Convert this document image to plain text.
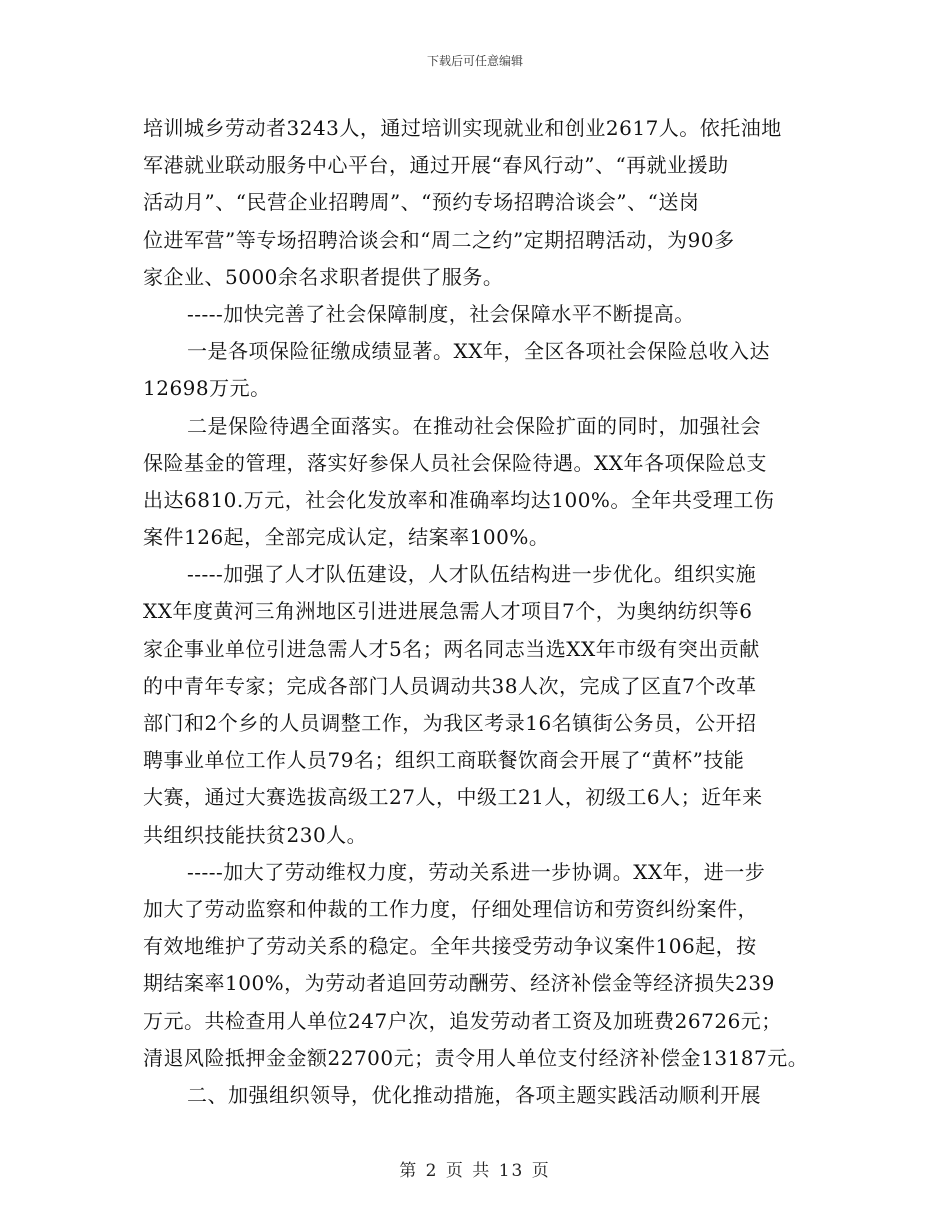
下载后可任意编辑
培训城乡劳动者3243人，通过培训实现就业和创业2617人。依托油地
军港就业联动服务中心平台，通过开展“春风行动”、“再就业援助
活动月”、“民营企业招聘周”、“预约专场招聘洽谈会”、“送岗
位进军营”等专场招聘洽谈会和“周二之约”定期招聘活动，为90多
家企业、5000余名求职者提供了服务。
-----加快完善了社会保障制度，社会保障水平不断提高。
一是各项保险征缴成绩显著。XX年，全区各项社会保险总收入达
12698万元。
二是保险待遇全面落实。在推动社会保险扩面的同时，加强社会
保险基金的管理，落实好参保人员社会保险待遇。XX年各项保险总支
出达6810.万元，社会化发放率和准确率均达100%。全年共受理工伤
案件126起，全部完成认定，结案率100%。
-----加强了人才队伍建设，人才队伍结构进一步优化。组织实施
XX年度黄河三角洲地区引进进展急需人才项目7个，为奥纳纺织等6
家企事业单位引进急需人才5名；两名同志当选XX年市级有突出贡献
的中青年专家；完成各部门人员调动共38人次，完成了区直7个改革
部门和2个乡的人员调整工作，为我区考录16名镇街公务员，公开招
聘事业单位工作人员79名；组织工商联餐饮商会开展了“黄杯”技能
大赛，通过大赛选拔高级工27人，中级工21人，初级工6人；近年来
共组织技能扶贫230人。
-----加大了劳动维权力度，劳动关系进一步协调。XX年，进一步
加大了劳动监察和仲裁的工作力度，仔细处理信访和劳资纠纷案件，
有效地维护了劳动关系的稳定。全年共接受劳动争议案件106起，按
期结案率100%，为劳动者追回劳动酬劳、经济补偿金等经济损失239
万元。共检查用人单位247户次，追发劳动者工资及加班费26726元；
清退风险抵押金金额22700元；责令用人单位支付经济补偿金13187元。
二、加强组织领导，优化推动措施，各项主题实践活动顺利开展
第 2 页 共 13 页
